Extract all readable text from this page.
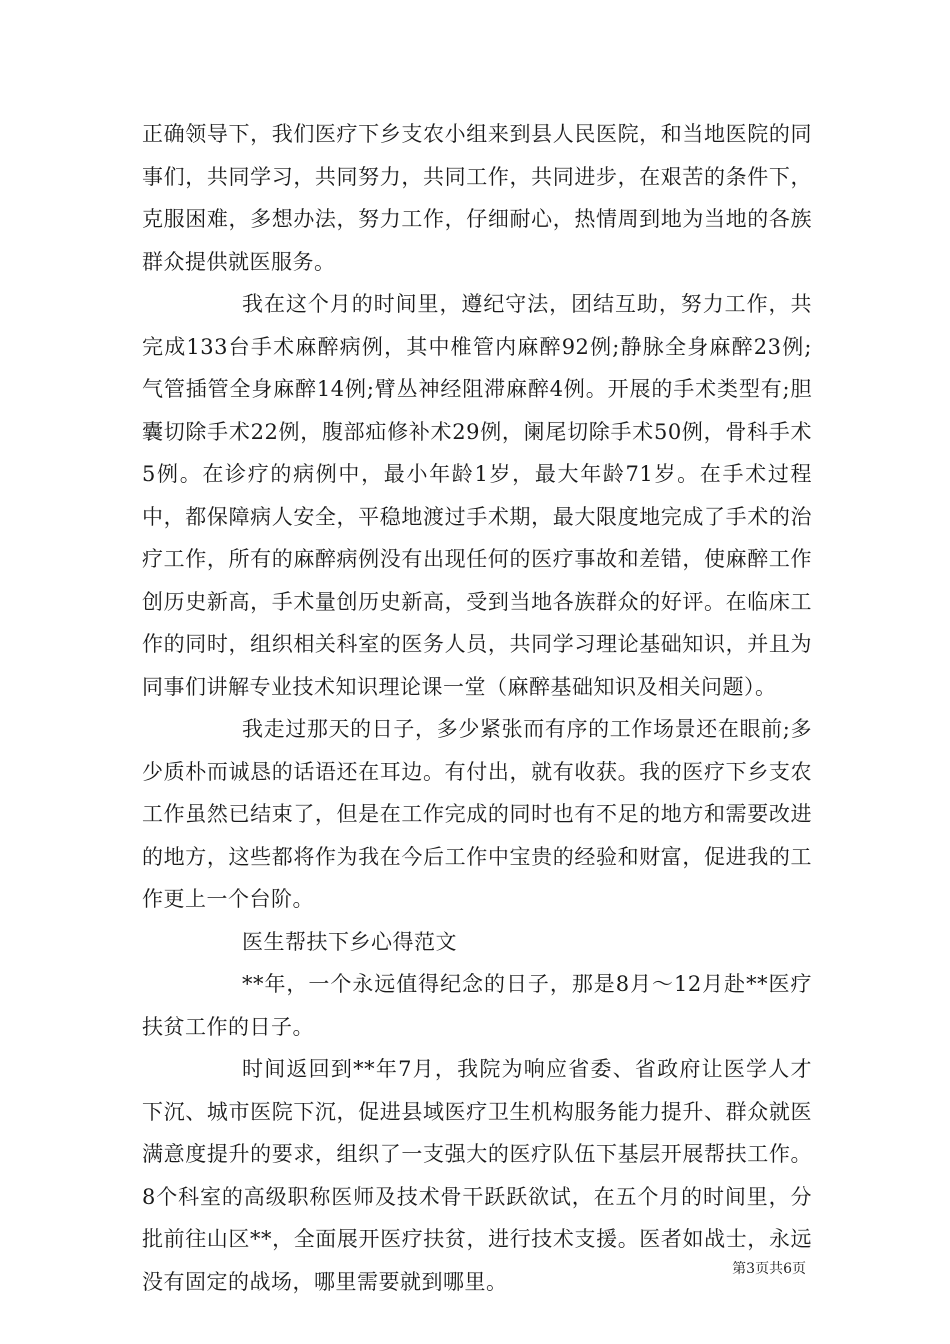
正确领导下，我们医疗下乡支农小组来到县人民医院，和当地医院的同事们，共同学习，共同努力，共同工作，共同进步，在艰苦的条件下，克服困难，多想办法，努力工作，仔细耐心，热情周到地为当地的各族群众提供就医服务。

我在这个月的时间里，遵纪守法，团结互助，努力工作，共完成133台手术麻醉病例，其中椎管内麻醉92例;静脉全身麻醉23例;气管插管全身麻醉14例;臂丛神经阻滞麻醉4例。开展的手术类型有;胆囊切除手术22例，腹部疝修补术29例，阑尾切除手术50例，骨科手术5例。在诊疗的病例中，最小年龄1岁，最大年龄71岁。在手术过程中，都保障病人安全，平稳地渡过手术期，最大限度地完成了手术的治疗工作，所有的麻醉病例没有出现任何的医疗事故和差错，使麻醉工作创历史新高，手术量创历史新高，受到当地各族群众的好评。在临床工作的同时，组织相关科室的医务人员，共同学习理论基础知识，并且为同事们讲解专业技术知识理论课一堂（麻醉基础知识及相关问题）。

我走过那天的日子，多少紧张而有序的工作场景还在眼前;多少质朴而诚恳的话语还在耳边。有付出，就有收获。我的医疗下乡支农工作虽然已结束了，但是在工作完成的同时也有不足的地方和需要改进的地方，这些都将作为我在今后工作中宝贵的经验和财富，促进我的工作更上一个台阶。

医生帮扶下乡心得范文

**年，一个永远值得纪念的日子，那是8月～12月赴**医疗扶贫工作的日子。

时间返回到**年7月，我院为响应省委、省政府让医学人才下沉、城市医院下沉，促进县域医疗卫生机构服务能力提升、群众就医满意度提升的要求，组织了一支强大的医疗队伍下基层开展帮扶工作。8个科室的高级职称医师及技术骨干跃跃欲试，在五个月的时间里，分批前往山区**，全面展开医疗扶贫，进行技术支援。医者如战士，永远没有固定的战场，哪里需要就到哪里。

第3页共6页
